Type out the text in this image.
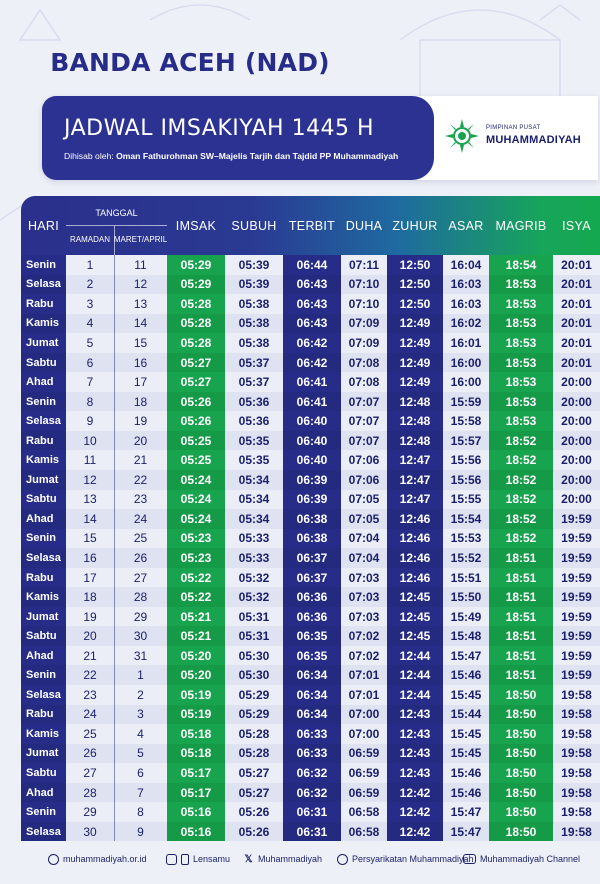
BANDA ACEH (NAD)
JADWAL IMSAKIYAH 1445 H
Dihisab oleh: Oman Fathurohman SW–Majelis Tarjih dan Tajdid PP Muhammadiyah
PIMPINAN PUSAT
MUHAMMADIYAH
HARI
TANGGAL
RAMADAN MARET/APRIL
IMSAK	SUBUH TERBIT DUHA ZUHUR ASAR MAGRIB	ISYA
Senin	1	11	05:29	05:39	06:44	07:11	12:50	16:04	18:54	20:01
Selasa	2	12	05:29	05:39	06:43	07:10	12:50	16:03	18:53	20:01
Rabu	3	13	05:28	05:38	06:43	07:10	12:50	16:03	18:53	20:01
Kamis	4	14	05:28	05:38	06:43	07:09	12:49	16:02	18:53	20:01
Jumat	5	15	05:28	05:38	06:42	07:09	12:49	16:01	18:53	20:01
Sabtu	6	16	05:27	05:37	06:42	07:08	12:49	16:00	18:53	20:01
Ahad	7	17	05:27	05:37	06:41	07:08	12:49	16:00	18:53	20:00
Senin	8	18	05:26	05:36	06:41	07:07	12:48	15:59	18:53	20:00
Selasa	9	19	05:26	05:36	06:40	07:07	12:48	15:58	18:53	20:00
Rabu	10	20	05:25	05:35	06:40	07:07	12:48	15:57	18:52	20:00
Kamis	11	21	05:25	05:35	06:40	07:06	12:47	15:56	18:52	20:00
Jumat	12	22	05:24	05:34	06:39	07:06	12:47	15:56	18:52	20:00
Sabtu	13	23	05:24	05:34	06:39	07:05	12:47	15:55	18:52	20:00
Ahad	14	24	05:24	05:34	06:38	07:05	12:46	15:54	18:52	19:59
Senin	15	25	05:23	05:33	06:38	07:04	12:46	15:53	18:52	19:59
Selasa	16	26	05:23	05:33	06:37	07:04	12:46	15:52	18:51	19:59
Rabu	17	27	05:22	05:32	06:37	07:03	12:46	15:51	18:51	19:59
Kamis	18	28	05:22	05:32	06:36	07:03	12:45	15:50	18:51	19:59
Jumat	19	29	05:21	05:31	06:36	07:03	12:45	15:49	18:51	19:59
Sabtu	20	30	05:21	05:31	06:35	07:02	12:45	15:48	18:51	19:59
Ahad	21	31	05:20	05:30	06:35	07:02	12:44	15:47	18:51	19:59
Senin	22	1	05:20	05:30	06:34	07:01	12:44	15:46	18:51	19:59
Selasa	23	2	05:19	05:29	06:34	07:01	12:44	15:45	18:50	19:58
Rabu	24	3	05:19	05:29	06:34	07:00	12:43	15:44	18:50	19:58
Kamis	25	4	05:18	05:28	06:33	07:00	12:43	15:45	18:50	19:58
Jumat	26	5	05:18	05:28	06:33	06:59	12:43	15:45	18:50	19:58
Sabtu	27	6	05:17	05:27	06:32	06:59	12:43	15:46	18:50	19:58
Ahad	28	7	05:17	05:27	06:32	06:59	12:42	15:46	18:50	19:58
Senin	29	8	05:16	05:26	06:31	06:58	12:42	15:47	18:50	19:58
Selasa	30	9	05:16	05:26	06:31	06:58	12:42	15:47	18:50	19:58
muhammadiyah.or.id	Lensamu 𝕏 Muhammadiyah	Persyarikatan Muhammadiyah Muhammadiyah Channel
